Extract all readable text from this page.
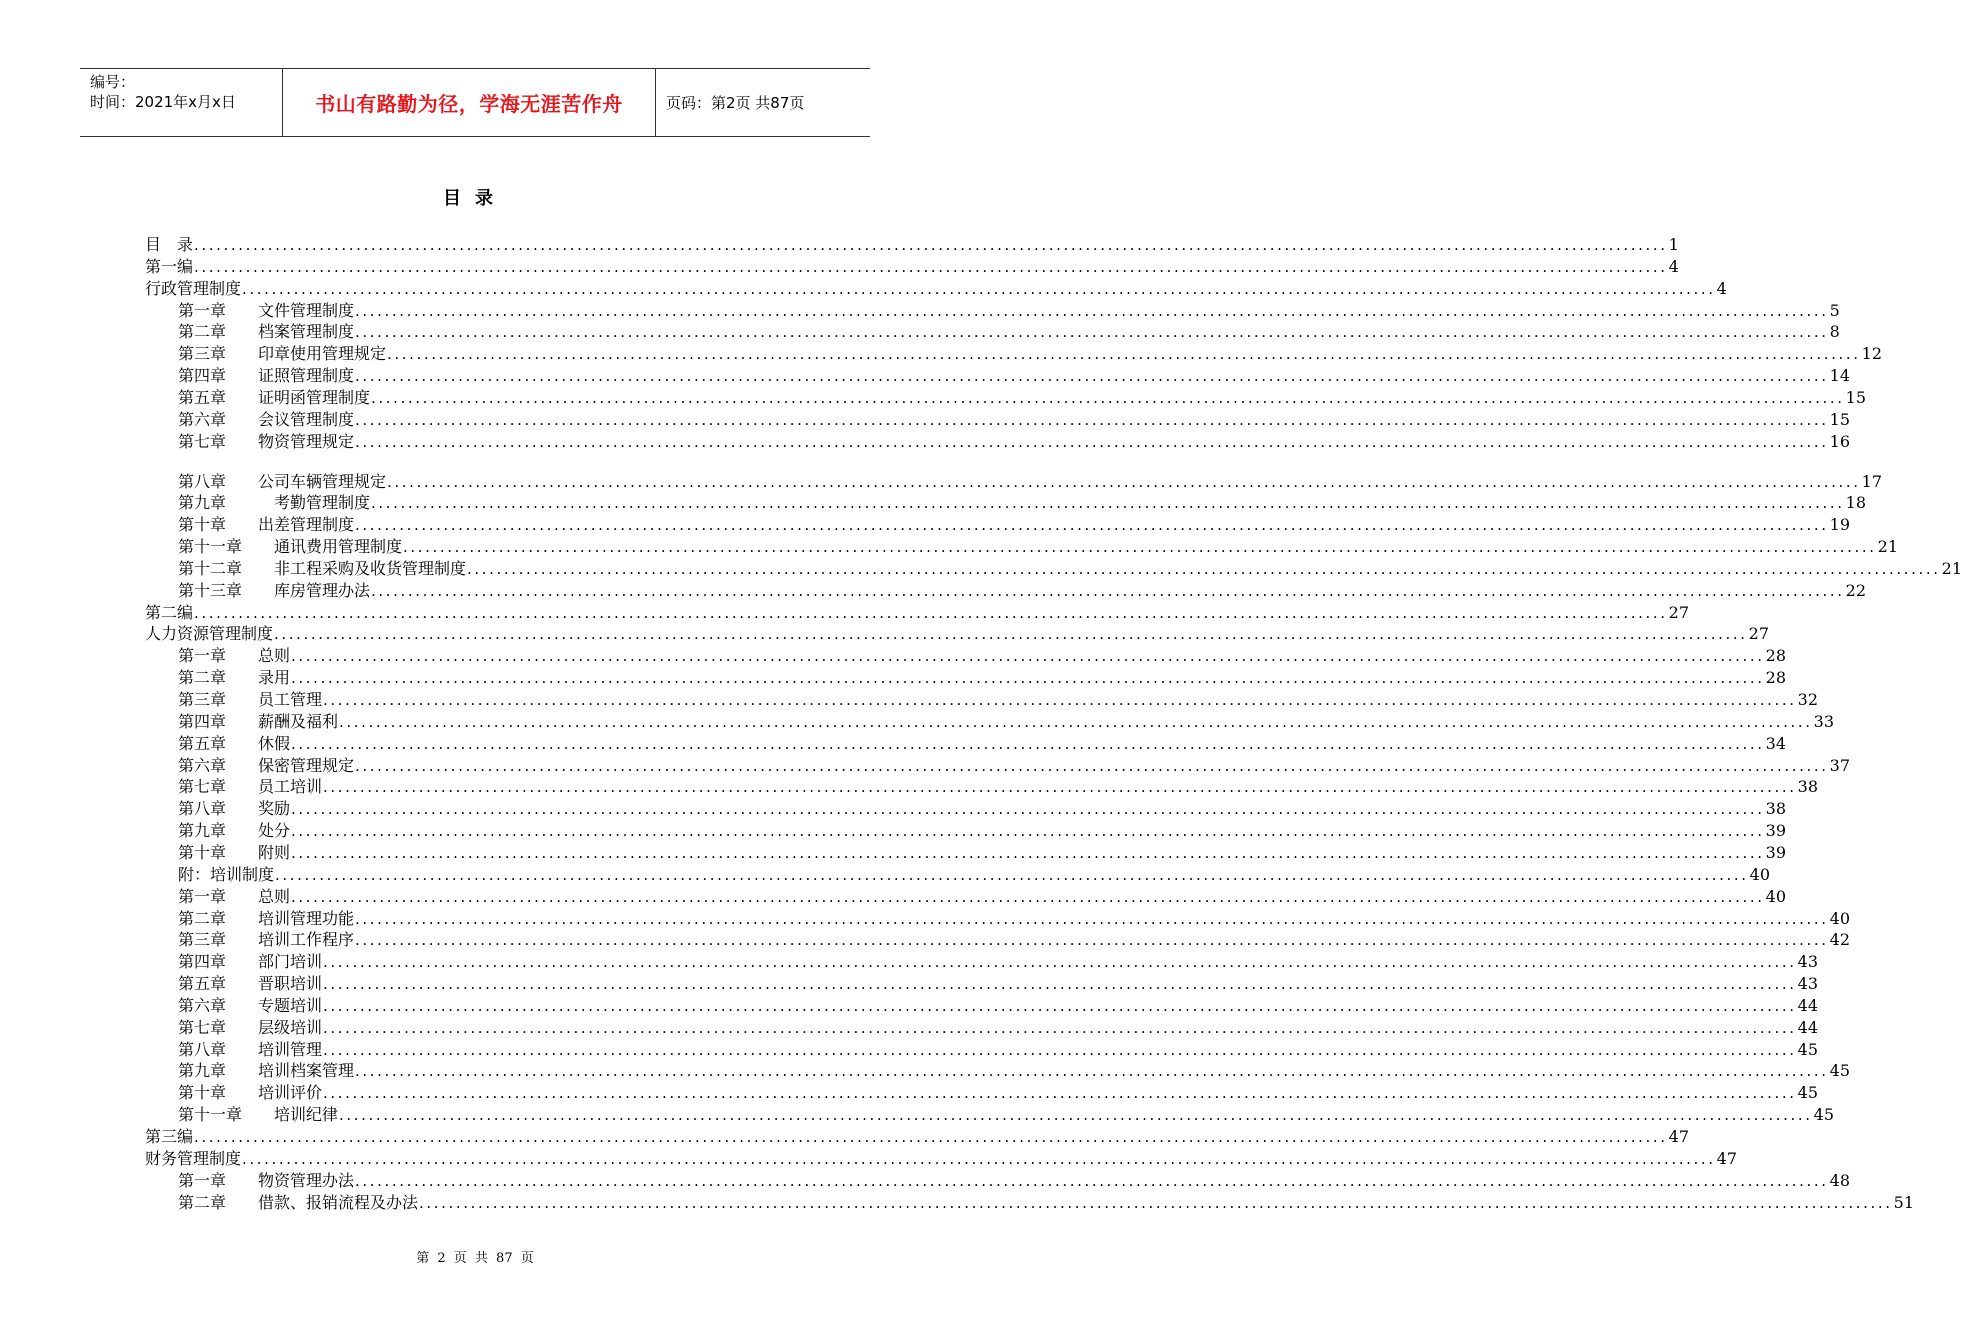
编号：
时间：2021年x月x日	书山有路勤为径，学海无涯苦作舟	页码：第2页 共87页
目录
目　录 ........................................................................................................................................................................................................ 1
第一编 ........................................................................................................................................................................................................ 4
行政管理制度 ........................................................................................................................................................................................................ 4
第一章　　文件管理制度 ........................................................................................................................................................................................................ 5
第二章　　档案管理制度 ........................................................................................................................................................................................................ 8
第三章　　印章使用管理规定 ........................................................................................................................................................................................................ 12
第四章　　证照管理制度 ........................................................................................................................................................................................................ 14
第五章　　证明函管理制度 ........................................................................................................................................................................................................ 15
第六章　　会议管理制度 ........................................................................................................................................................................................................ 15
第七章　　物资管理规定 ........................................................................................................................................................................................................ 16
第八章　　公司车辆管理规定 ........................................................................................................................................................................................................ 17
第九章　　　考勤管理制度 ........................................................................................................................................................................................................ 18
第十章　　出差管理制度 ........................................................................................................................................................................................................ 19
第十一章　　通讯费用管理制度 ........................................................................................................................................................................................................ 21
第十二章　　非工程采购及收货管理制度 ........................................................................................................................................................................................................ 21
第十三章　　库房管理办法 ........................................................................................................................................................................................................ 22
第二编 ........................................................................................................................................................................................................ 27
人力资源管理制度 ........................................................................................................................................................................................................ 27
第一章　　总则 ........................................................................................................................................................................................................ 28
第二章　　录用 ........................................................................................................................................................................................................ 28
第三章　　员工管理 ........................................................................................................................................................................................................ 32
第四章　　薪酬及福利 ........................................................................................................................................................................................................ 33
第五章　　休假 ........................................................................................................................................................................................................ 34
第六章　　保密管理规定 ........................................................................................................................................................................................................ 37
第七章　　员工培训 ........................................................................................................................................................................................................ 38
第八章　　奖励 ........................................................................................................................................................................................................ 38
第九章　　处分 ........................................................................................................................................................................................................ 39
第十章　　附则 ........................................................................................................................................................................................................ 39
附：培训制度 ........................................................................................................................................................................................................ 40
第一章　　总则 ........................................................................................................................................................................................................ 40
第二章　　培训管理功能 ........................................................................................................................................................................................................ 40
第三章　　培训工作程序 ........................................................................................................................................................................................................ 42
第四章　　部门培训 ........................................................................................................................................................................................................ 43
第五章　　晋职培训 ........................................................................................................................................................................................................ 43
第六章　　专题培训 ........................................................................................................................................................................................................ 44
第七章　　层级培训 ........................................................................................................................................................................................................ 44
第八章　　培训管理 ........................................................................................................................................................................................................ 45
第九章　　培训档案管理 ........................................................................................................................................................................................................ 45
第十章　　培训评价 ........................................................................................................................................................................................................ 45
第十一章　　培训纪律 ........................................................................................................................................................................................................ 45
第三编 ........................................................................................................................................................................................................ 47
财务管理制度 ........................................................................................................................................................................................................ 47
第一章　　物资管理办法 ........................................................................................................................................................................................................ 48
第二章　　借款、报销流程及办法 ........................................................................................................................................................................................................ 51
第 2 页 共 87 页
